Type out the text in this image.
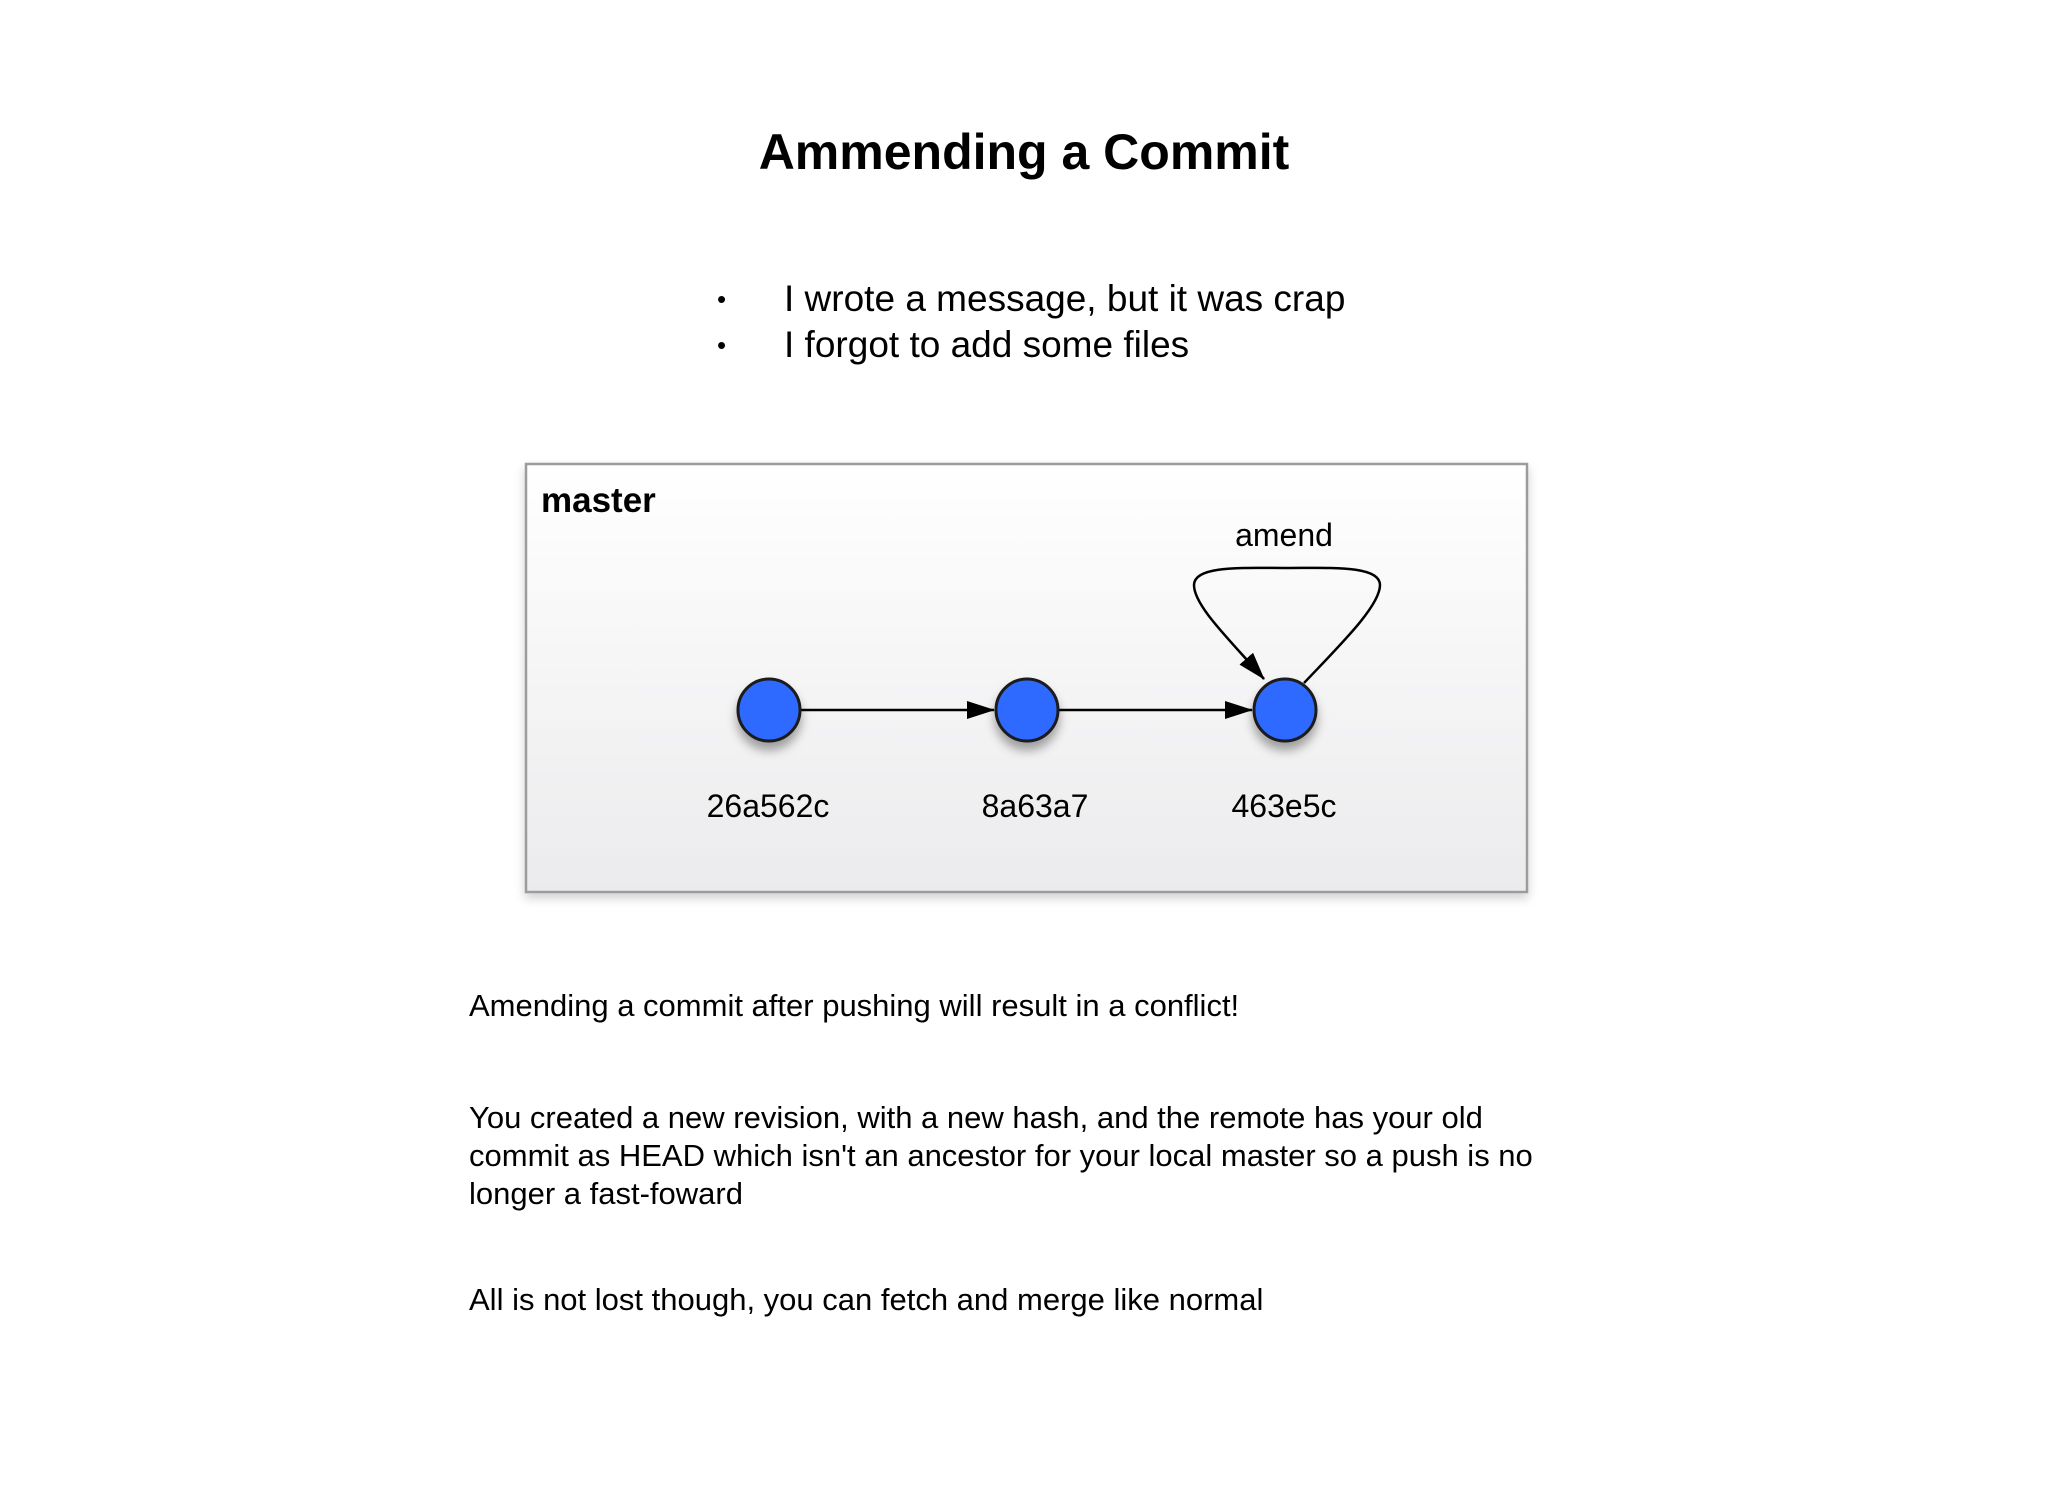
Ammending a Commit
• I wrote a message, but it was crap
• I forgot to add some files
master
amend
26a562c	8a63a7	463e5c

Amending a commit after pushing will result in a conflict!

You created a new revision, with a new hash, and the remote has your old
commit as HEAD which isn't an ancestor for your local master so a push is no
longer a fast-foward

All is not lost though, you can fetch and merge like normal
